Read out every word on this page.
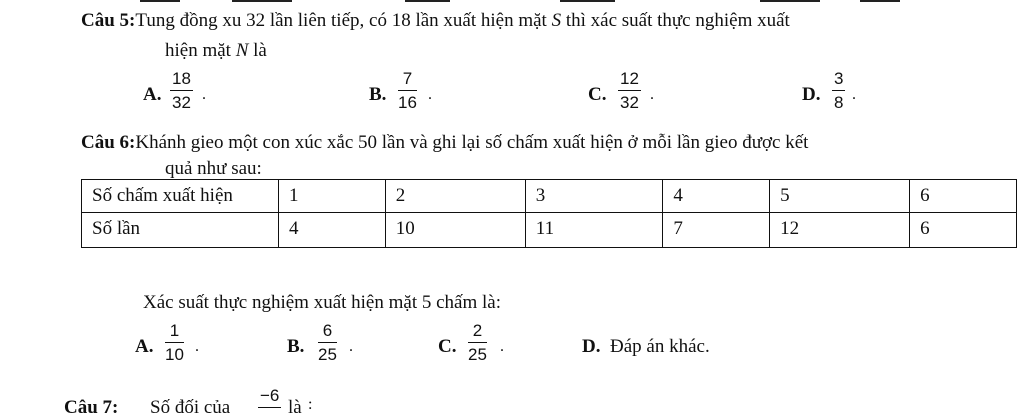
Câu 5:Tung đồng xu 32 lần liên tiếp, có 18 lần xuất hiện mặt S thì xác suất thực nghiệm xuất
hiện mặt N là
A.
18
32 .	B.
7
16 .	C.
12
32 .	D.
3
8 .
Câu 6:Khánh gieo một con xúc xắc 50 lần và ghi lại số chấm xuất hiện ở mỗi lần gieo được kết
quả như sau:
Số chấm xuất hiện	1	2	3	4	5	6
Số lần	4	10	11	7	12	6
Xác suất thực nghiệm xuất hiện mặt 5 chấm là:
A.
1
10 .	B.
6
25 .	C.
2
25 .	D. Đáp án khác.
Câu 7: Số đối của
−6
là :
